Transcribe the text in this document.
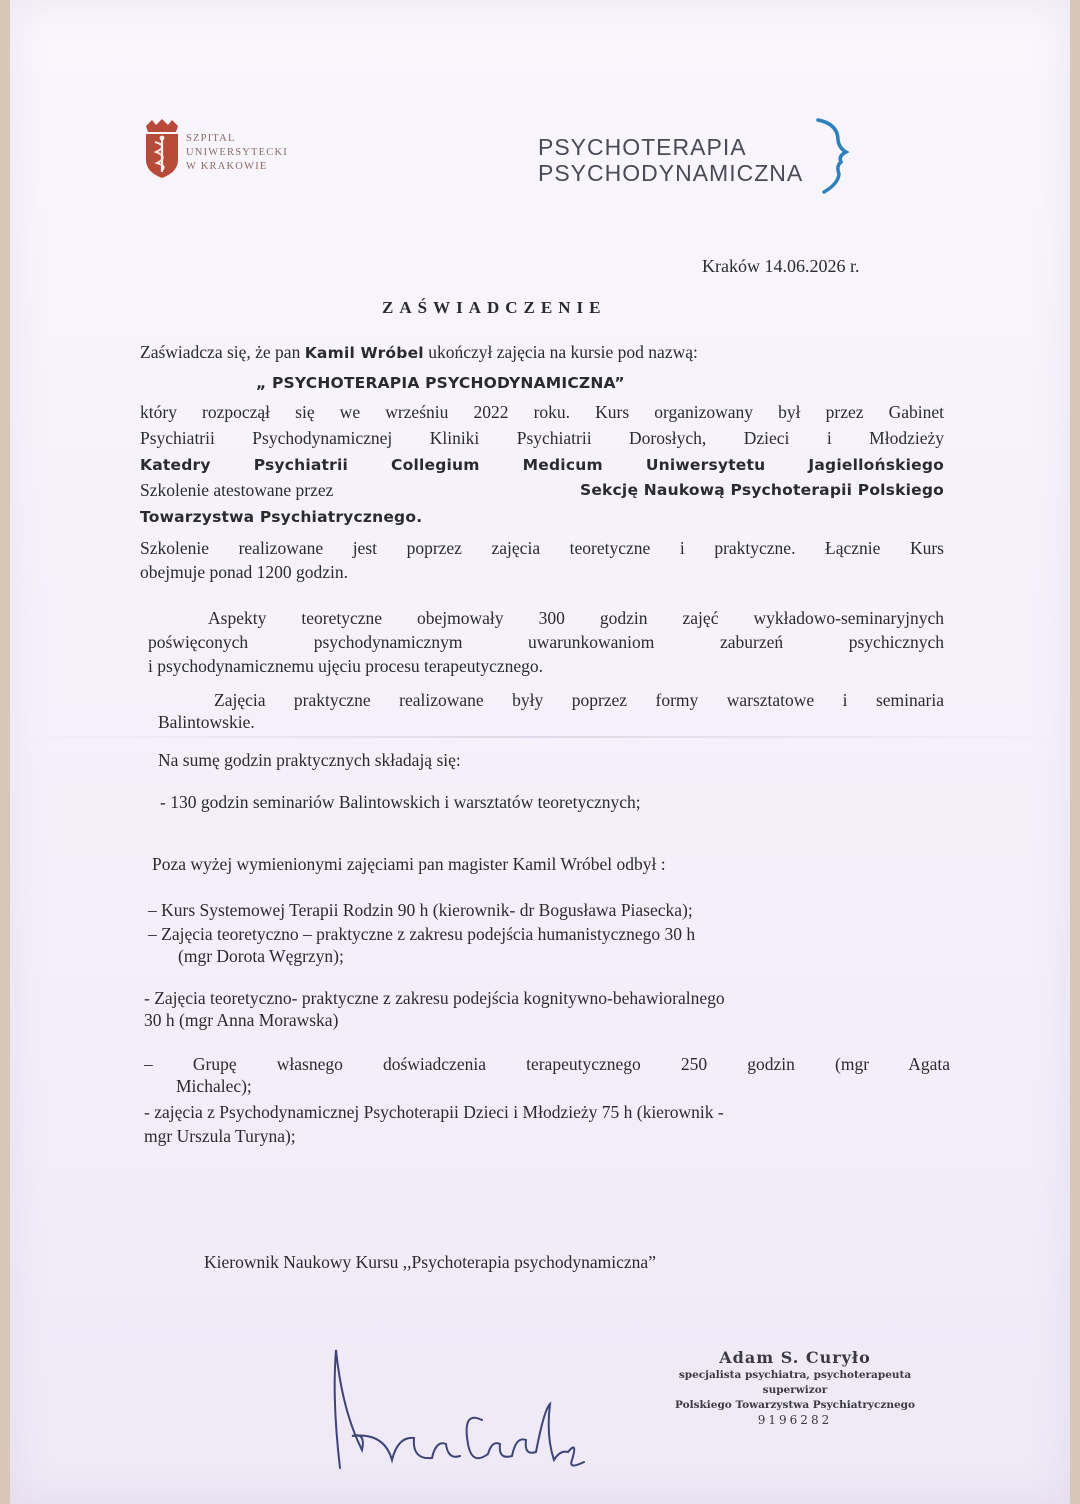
SZPITAL
UNIWERSYTECKI
W KRAKOWIE
PSYCHOTERAPIA
PSYCHODYNAMICZNA
Kraków 14.06.2026 r.
ZAŚWIADCZENIE
Zaświadcza się, że pan Kamil Wróbel ukończył zajęcia na kursie pod nazwą:
„ PSYCHOTERAPIA PSYCHODYNAMICZNA”
który rozpoczął się we wrześniu 2022 roku. Kurs organizowany był przez Gabinet
Psychiatrii Psychodynamicznej Kliniki Psychiatrii Dorosłych, Dzieci i Młodzieży
Katedry Psychiatrii Collegium Medicum Uniwersytetu Jagiellońskiego
Szkolenie atestowane przez	Sekcję Naukową Psychoterapii Polskiego
Towarzystwa Psychiatrycznego.
Szkolenie realizowane jest poprzez zajęcia teoretyczne i praktyczne. Łącznie Kurs
obejmuje ponad 1200 godzin.
Aspekty teoretyczne obejmowały 300 godzin zajęć wykładowo-seminaryjnych
poświęconych psychodynamicznym uwarunkowaniom zaburzeń psychicznych
i psychodynamicznemu ujęciu procesu terapeutycznego.
Zajęcia praktyczne realizowane były poprzez formy warsztatowe i seminaria
Balintowskie.
Na sumę godzin praktycznych składają się:
- 130 godzin seminariów Balintowskich i warsztatów teoretycznych;
Poza wyżej wymienionymi zajęciami pan magister Kamil Wróbel odbył :
– Kurs Systemowej Terapii Rodzin 90 h (kierownik- dr Bogusława Piasecka);
– Zajęcia teoretyczno – praktyczne z zakresu podejścia humanistycznego 30 h
(mgr Dorota Węgrzyn);
- Zajęcia teoretyczno- praktyczne z zakresu podejścia kognitywno-behawioralnego
30 h (mgr Anna Morawska)
– Grupę własnego doświadczenia terapeutycznego 250 godzin (mgr Agata
Michalec);
- zajęcia z Psychodynamicznej Psychoterapii Dzieci i Młodzieży 75 h (kierownik -
mgr Urszula Turyna);
Kierownik Naukowy Kursu ,,Psychoterapia psychodynamiczna”
Adam S. Curyło
specjalista psychiatra, psychoterapeuta
superwizor
Polskiego Towarzystwa Psychiatrycznego
9196282
